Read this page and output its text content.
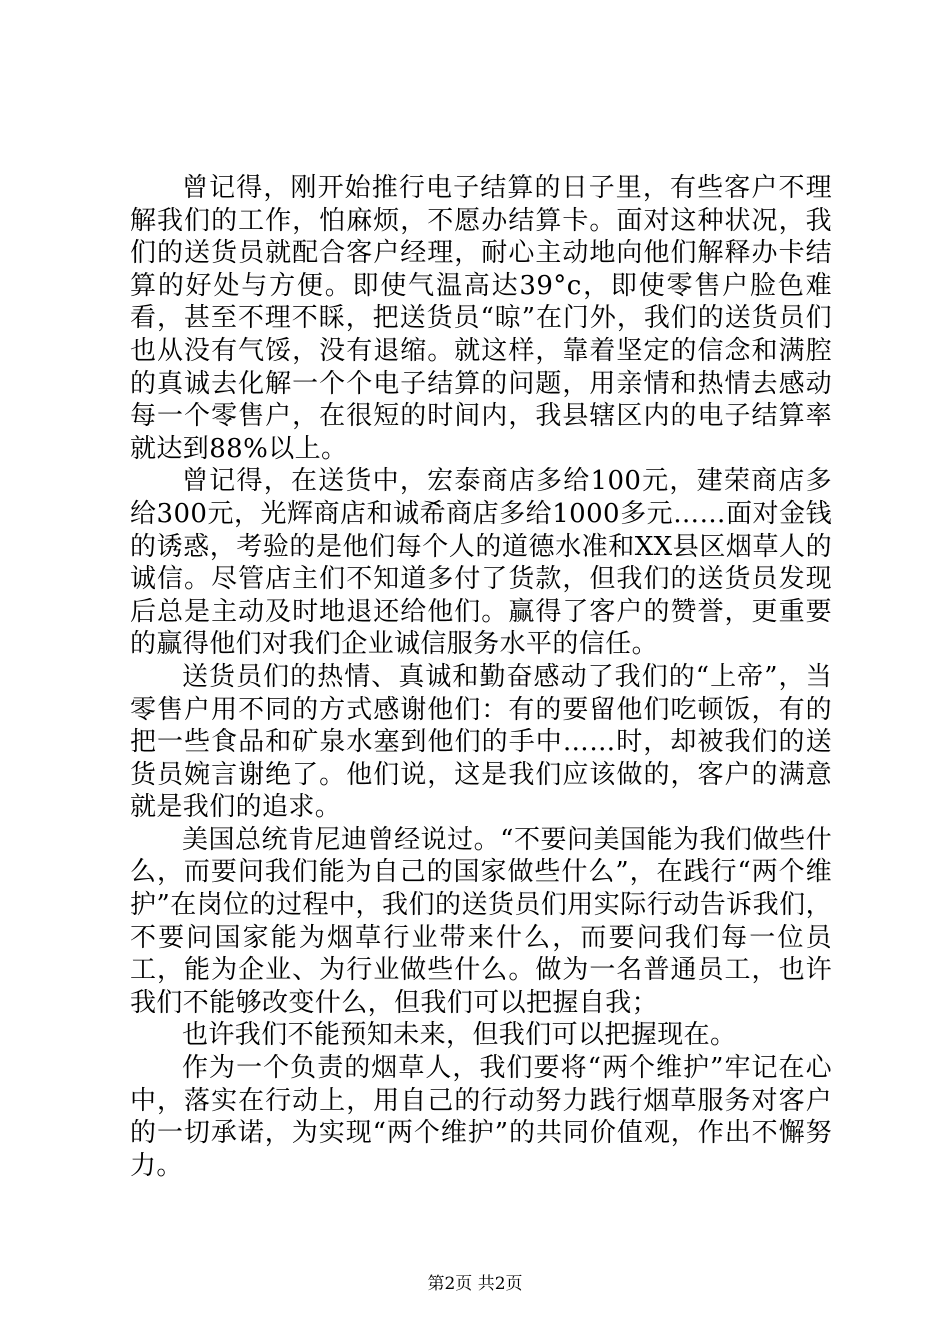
曾记得，刚开始推行电子结算的日子里，有些客户不理解我们的工作，怕麻烦，不愿办结算卡。面对这种状况，我们的送货员就配合客户经理，耐心主动地向他们解释办卡结算的好处与方便。即使气温高达39°c，即使零售户脸色难看，甚至不理不睬，把送货员“晾”在门外，我们的送货员们也从没有气馁，没有退缩。就这样，靠着坚定的信念和满腔的真诚去化解一个个电子结算的问题，用亲情和热情去感动每一个零售户，在很短的时间内，我县辖区内的电子结算率就达到88%以上。

曾记得，在送货中，宏泰商店多给100元，建荣商店多给300元，光辉商店和诚希商店多给1000多元……面对金钱的诱惑，考验的是他们每个人的道德水准和XX县区烟草人的诚信。尽管店主们不知道多付了货款，但我们的送货员发现后总是主动及时地退还给他们。赢得了客户的赞誉，更重要的赢得他们对我们企业诚信服务水平的信任。

送货员们的热情、真诚和勤奋感动了我们的“上帝”，当零售户用不同的方式感谢他们：有的要留他们吃顿饭，有的把一些食品和矿泉水塞到他们的手中……时，却被我们的送货员婉言谢绝了。他们说，这是我们应该做的，客户的满意就是我们的追求。

美国总统肯尼迪曾经说过。“不要问美国能为我们做些什么，而要问我们能为自己的国家做些什么”，在践行“两个维护”在岗位的过程中，我们的送货员们用实际行动告诉我们，不要问国家能为烟草行业带来什么，而要问我们每一位员工，能为企业、为行业做些什么。做为一名普通员工，也许我们不能够改变什么，但我们可以把握自我；

也许我们不能预知未来，但我们可以把握现在。

作为一个负责的烟草人，我们要将“两个维护”牢记在心中，落实在行动上，用自己的行动努力践行烟草服务对客户的一切承诺，为实现“两个维护”的共同价值观，作出不懈努力。

第2页 共2页
